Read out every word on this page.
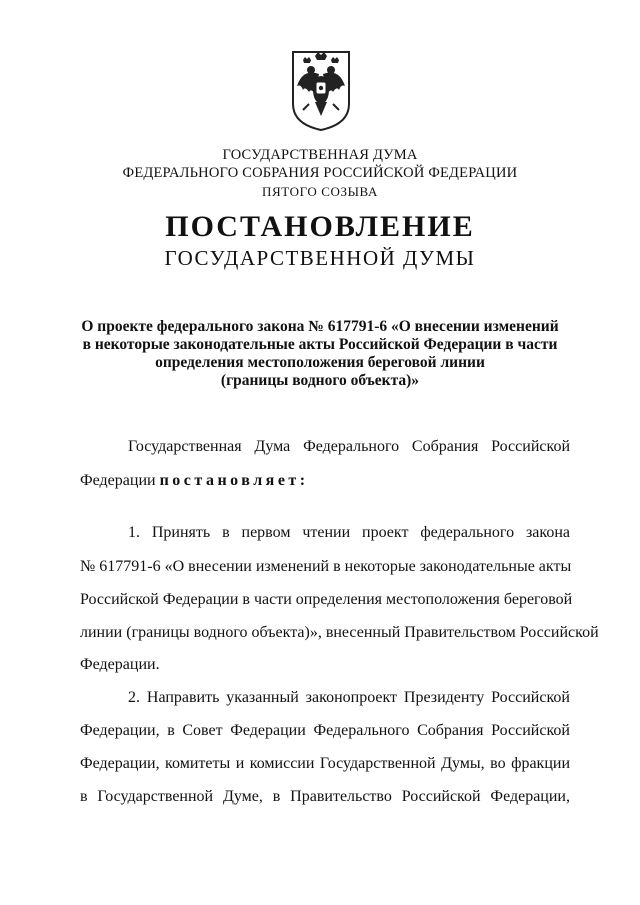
ГОСУДАРСТВЕННАЯ ДУМА
ФЕДЕРАЛЬНОГО СОБРАНИЯ РОССИЙСКОЙ ФЕДЕРАЦИИ
ПЯТОГО СОЗЫВА
ПОСТАНОВЛЕНИЕ
ГОСУДАРСТВЕННОЙ ДУМЫ
О проекте федерального закона № 617791-6 «О внесении изменений
в некоторые законодательные акты Российской Федерации в части
определения местоположения береговой линии
(границы водного объекта)»
Государственная Дума Федерального Собрания Российской
Федерации постановляет:
1. Принять в первом чтении проект федерального закона
№ 617791-6 «О внесении изменений в некоторые законодательные акты
Российской Федерации в части определения местоположения береговой
линии (границы водного объекта)», внесенный Правительством Российской
Федерации.
2. Направить указанный законопроект Президенту Российской
Федерации, в Совет Федерации Федерального Собрания Российской
Федерации, комитеты и комиссии Государственной Думы, во фракции
в Государственной Думе, в Правительство Российской Федерации,
